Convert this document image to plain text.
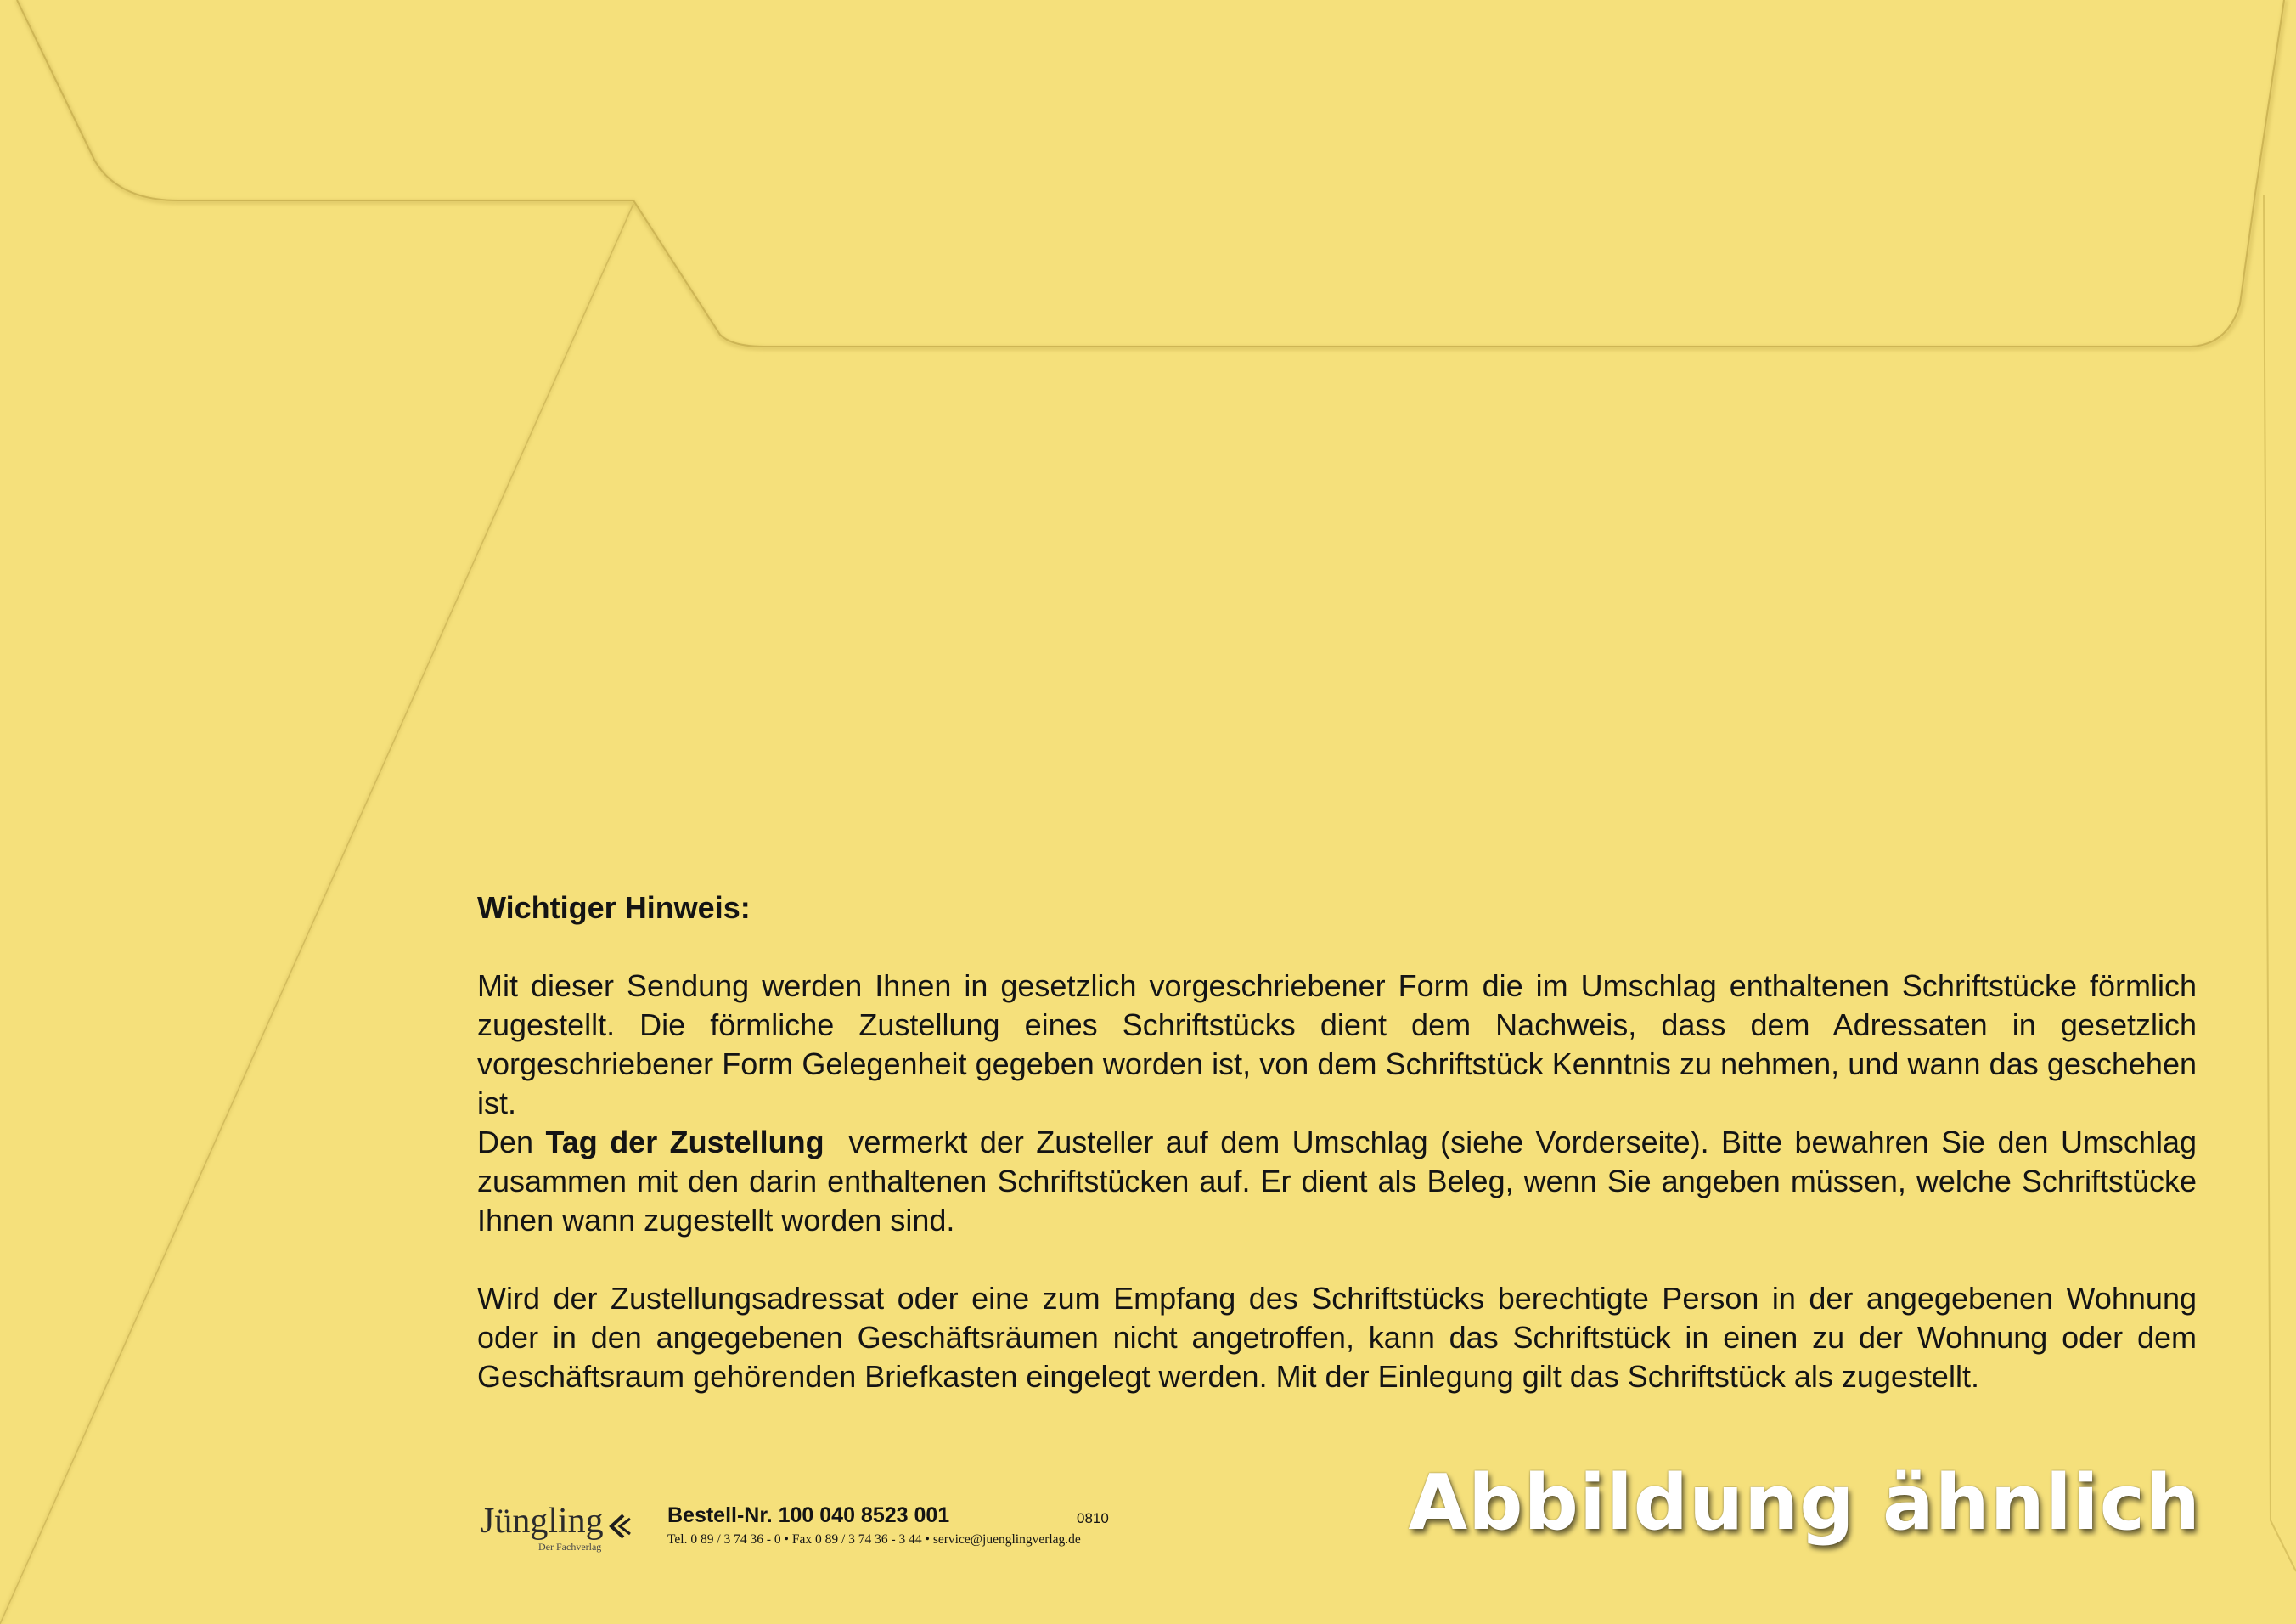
Wichtiger Hinweis:

Mit dieser Sendung werden Ihnen in gesetzlich vorgeschriebener Form die im Umschlag enthaltenen Schriftstücke förmlich zugestellt. Die förmliche Zustellung eines Schriftstücks dient dem Nachweis, dass dem Adressaten in gesetzlich vorgeschriebener Form Gelegenheit gegeben worden ist, von dem Schriftstück Kenntnis zu nehmen, und wann das geschehen ist.

Den Tag der Zustellung  vermerkt der Zusteller auf dem Umschlag (siehe Vorderseite). Bitte bewahren Sie den Umschlag zusammen mit den darin enthaltenen Schriftstücken auf. Er dient als Beleg, wenn Sie angeben müssen, welche Schriftstücke Ihnen wann zugestellt worden sind.

Wird der Zustellungsadressat oder eine zum Empfang des Schriftstücks berechtigte Person in der angegebenen Wohnung oder in den angegebenen Geschäftsräumen nicht angetroffen, kann das Schriftstück in einen zu der Wohnung oder dem Geschäftsraum gehörenden Briefkasten eingelegt werden. Mit der Einlegung gilt das Schriftstück als zugestellt.

Jüngling
Der Fachverlag
Bestell-Nr. 100 040 8523 001	0810
Tel. 0 89 / 3 74 36 - 0 • Fax 0 89 / 3 74 36 - 3 44 • service@juenglingverlag.de	Abbildung ähnlich
